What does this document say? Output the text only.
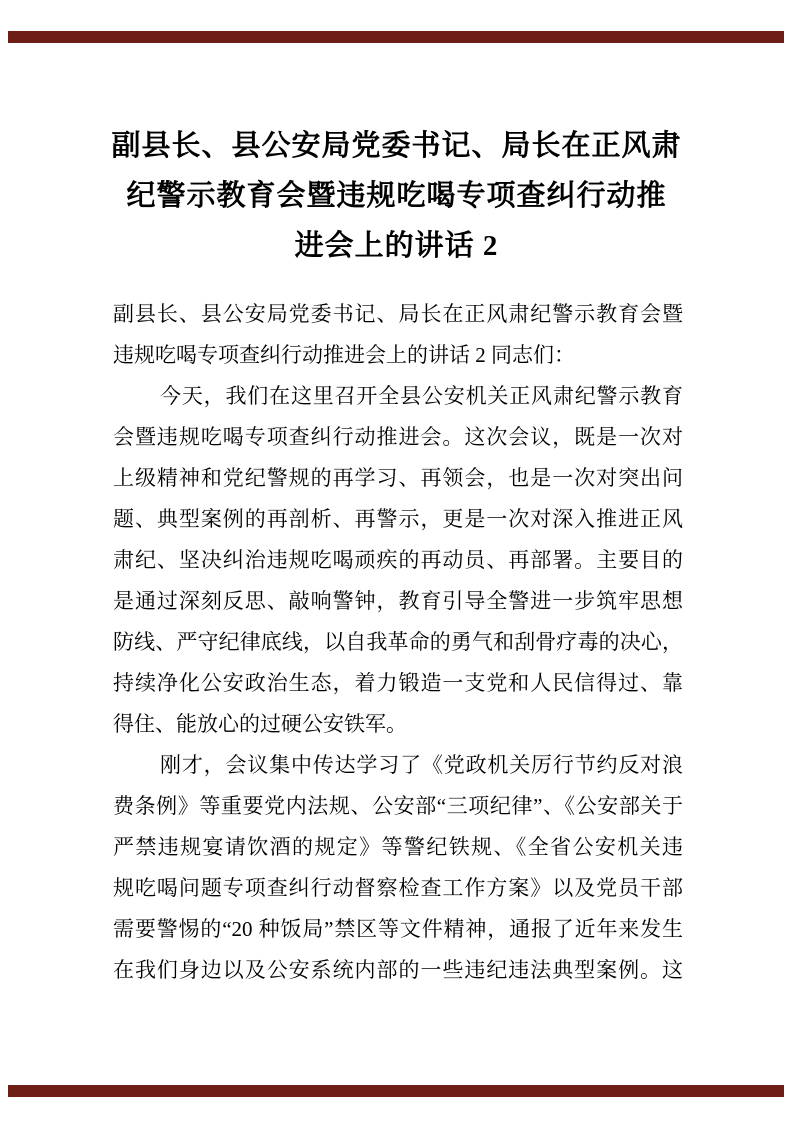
副县长、县公安局党委书记、局长在正风肃
纪警示教育会暨违规吃喝专项查纠行动推
进会上的讲话 2
副县长、县公安局党委书记、局长在正风肃纪警示教育会暨
违规吃喝专项查纠行动推进会上的讲话 2 同志们：
今天，我们在这里召开全县公安机关正风肃纪警示教育
会暨违规吃喝专项查纠行动推进会。这次会议，既是一次对
上级精神和党纪警规的再学习、再领会，也是一次对突出问
题、典型案例的再剖析、再警示，更是一次对深入推进正风
肃纪、坚决纠治违规吃喝顽疾的再动员、再部署。主要目的
是通过深刻反思、敲响警钟，教育引导全警进一步筑牢思想
防线、严守纪律底线，以自我革命的勇气和刮骨疗毒的决心，
持续净化公安政治生态，着力锻造一支党和人民信得过、靠
得住、能放心的过硬公安铁军。
刚才，会议集中传达学习了《党政机关厉行节约反对浪
费条例》等重要党内法规、公安部“三项纪律”、《公安部关于
严禁违规宴请饮酒的规定》等警纪铁规、《全省公安机关违
规吃喝问题专项查纠行动督察检查工作方案》以及党员干部
需要警惕的“20 种饭局”禁区等文件精神，通报了近年来发生
在我们身边以及公安系统内部的一些违纪违法典型案例。这
